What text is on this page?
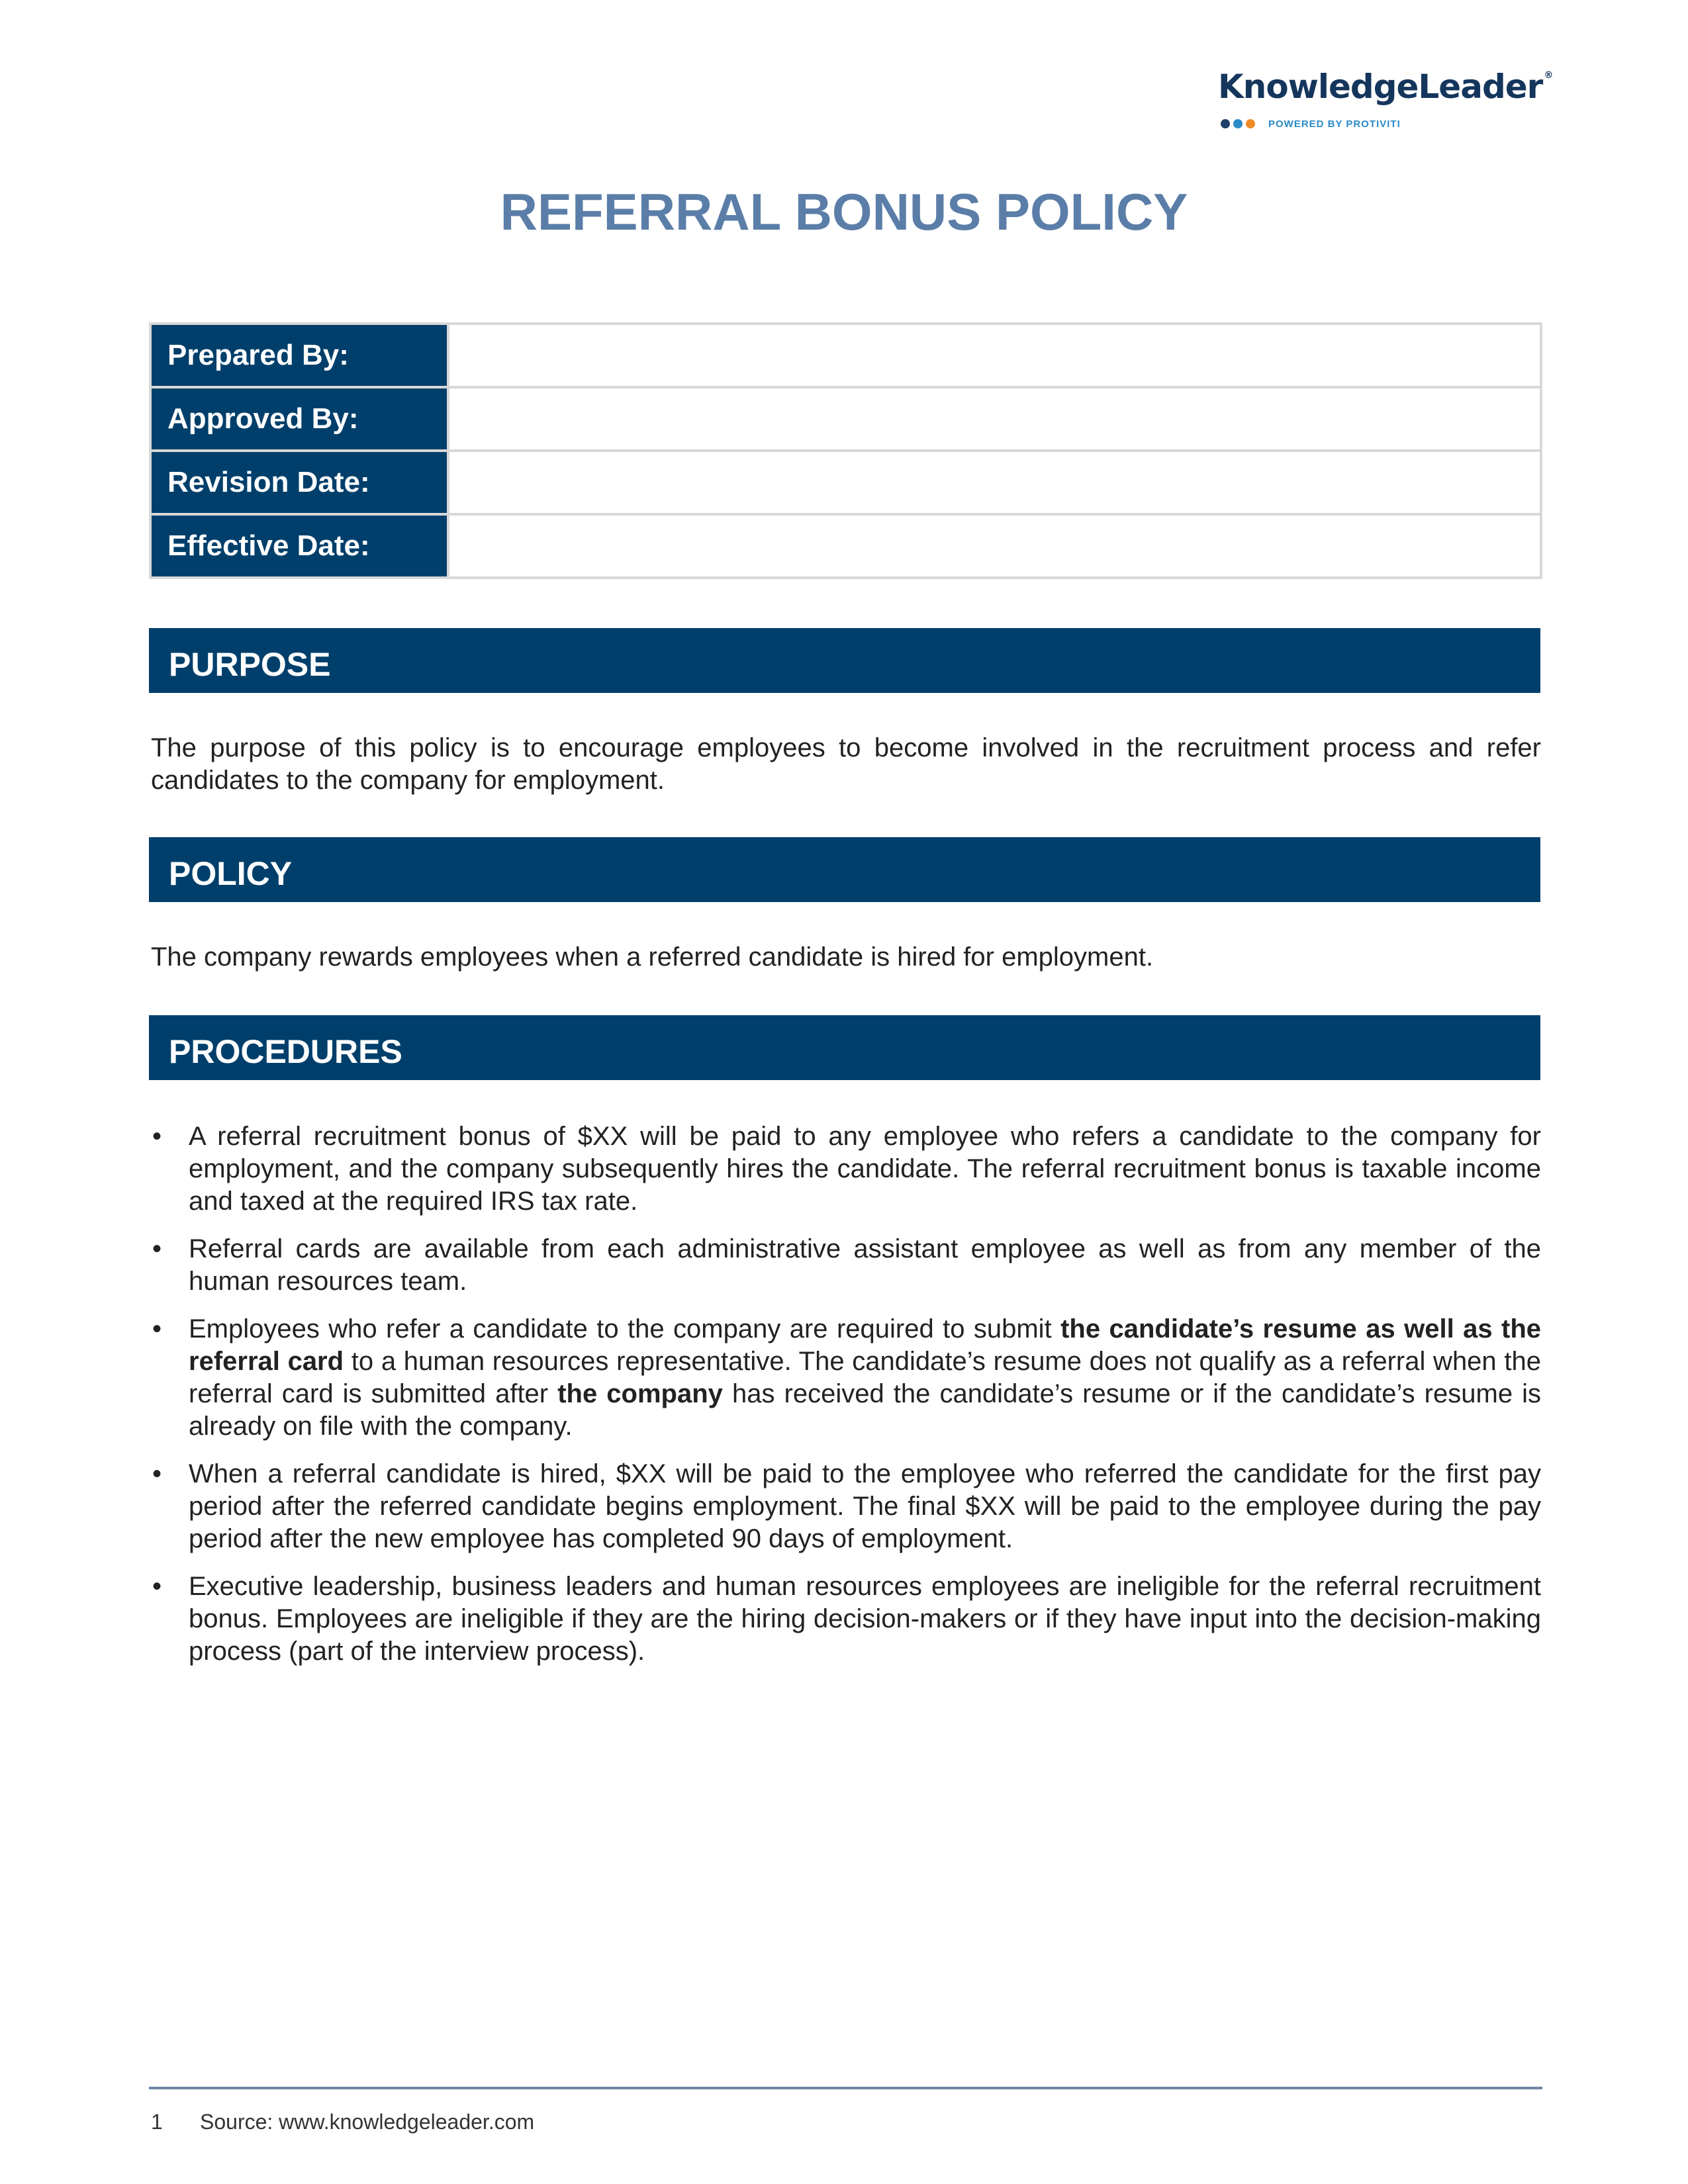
KnowledgeLeader ®
POWERED BY PROTIVITI
REFERRAL BONUS POLICY
Prepared By:	
Approved By:	
Revision Date:	
Effective Date:	
PURPOSE

The purpose of this policy is to encourage employees to become involved in the recruitment process and refer candidates to the company for employment.

POLICY

The company rewards employees when a referred candidate is hired for employment.

PROCEDURES
• A referral recruitment bonus of $XX will be paid to any employee who refers a candidate to the company for employment, and the company subsequently hires the candidate. The referral recruitment bonus is taxable income and taxed at the required IRS tax rate.
• Referral cards are available from each administrative assistant employee as well as from any member of the human resources team.
• Employees who refer a candidate to the company are required to submit the candidate’s resume as well as the referral card to a human resources representative. The candidate’s resume does not qualify as a referral when the referral card is submitted after the company has received the candidate’s resume or if the candidate’s resume is already on file with the company.
• When a referral candidate is hired, $XX will be paid to the employee who referred the candidate for the first pay period after the referred candidate begins employment. The final $XX will be paid to the employee during the pay period after the new employee has completed 90 days of employment.
• Executive leadership, business leaders and human resources employees are ineligible for the referral recruitment bonus. Employees are ineligible if they are the hiring decision-makers or if they have input into the decision-making process (part of the interview process).
1	Source: www.knowledgeleader.com
